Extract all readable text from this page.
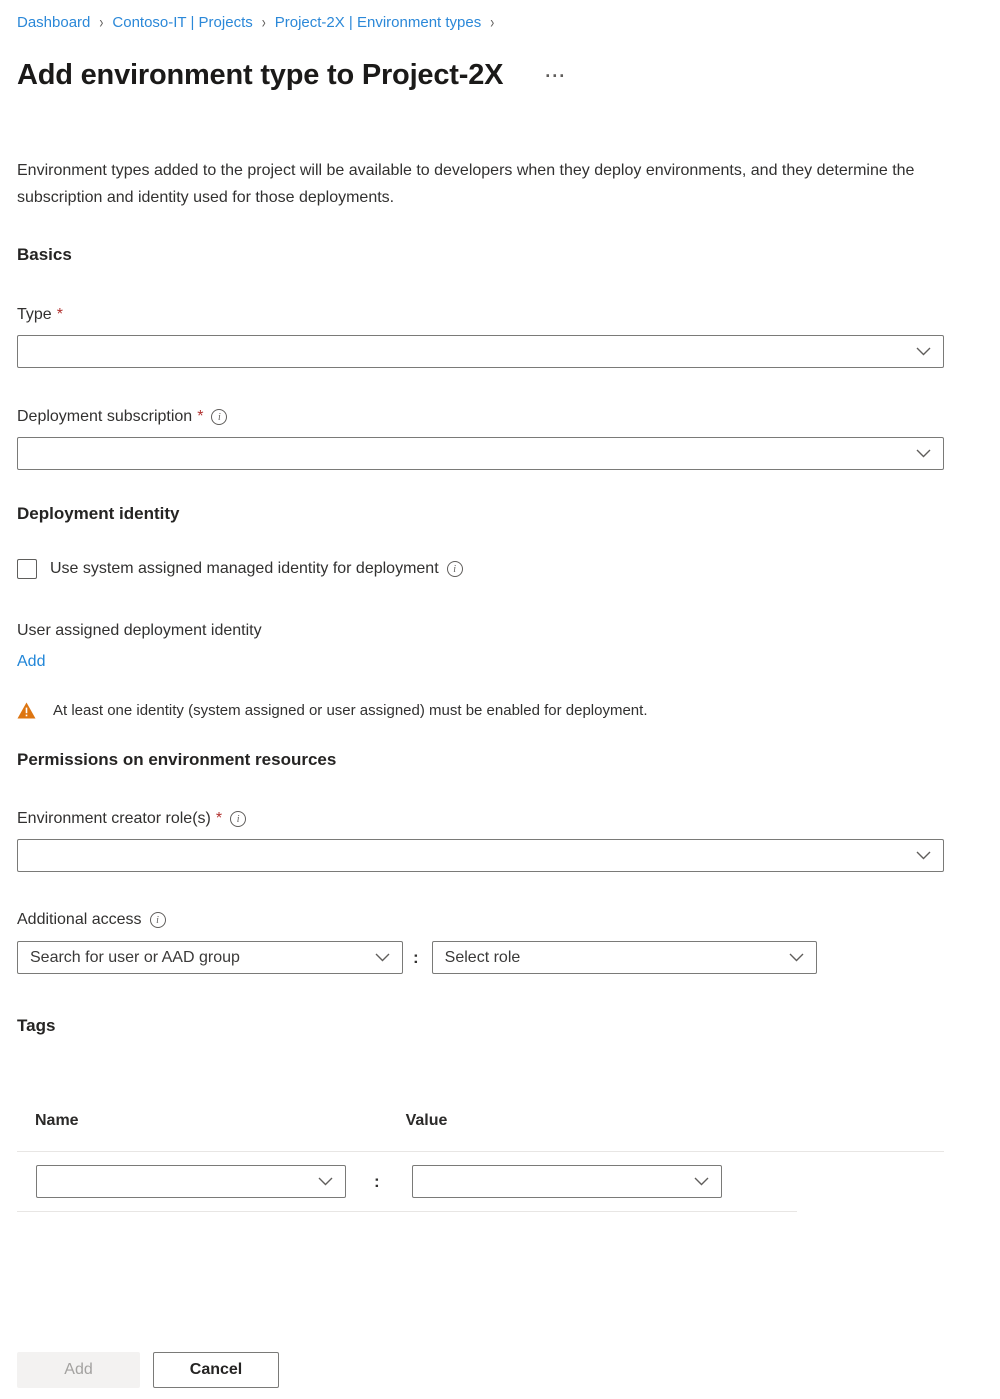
Dashboard › Contoso-IT | Projects › Project-2X | Environment types ›
Add environment type to Project-2X ···

Environment types added to the project will be available to developers when they deploy environments, and they determine the subscription and identity used for those deployments.

Basics
Type *
Deployment subscription *	i
Deployment identity
Use system assigned managed identity for deployment	i
User assigned deployment identity
Add
At least one identity (system assigned or user assigned) must be enabled for deployment.
Permissions on environment resources
Environment creator role(s) *	i
Additional access	i
Search for user or AAD group	: Select role
Tags
Name	Value
:
Add	Cancel
